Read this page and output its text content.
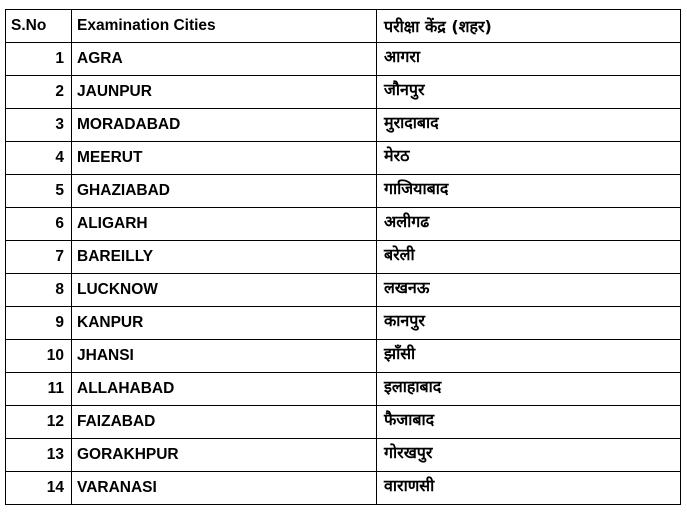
S.No	Examination Cities	परीक्षा केंद्र (शहर)
1	AGRA	आगरा
2	JAUNPUR	जौनपुर
3	MORADABAD	मुरादाबाद
4	MEERUT	मेरठ
5	GHAZIABAD	गाजियाबाद
6	ALIGARH	अलीगढ
7	BAREILLY	बरेली
8	LUCKNOW	लखनऊ
9	KANPUR	कानपुर
10	JHANSI	झाँसी
11	ALLAHABAD	इलाहाबाद
12	FAIZABAD	फैजाबाद
13	GORAKHPUR	गोरखपुर
14	VARANASI	वाराणसी
